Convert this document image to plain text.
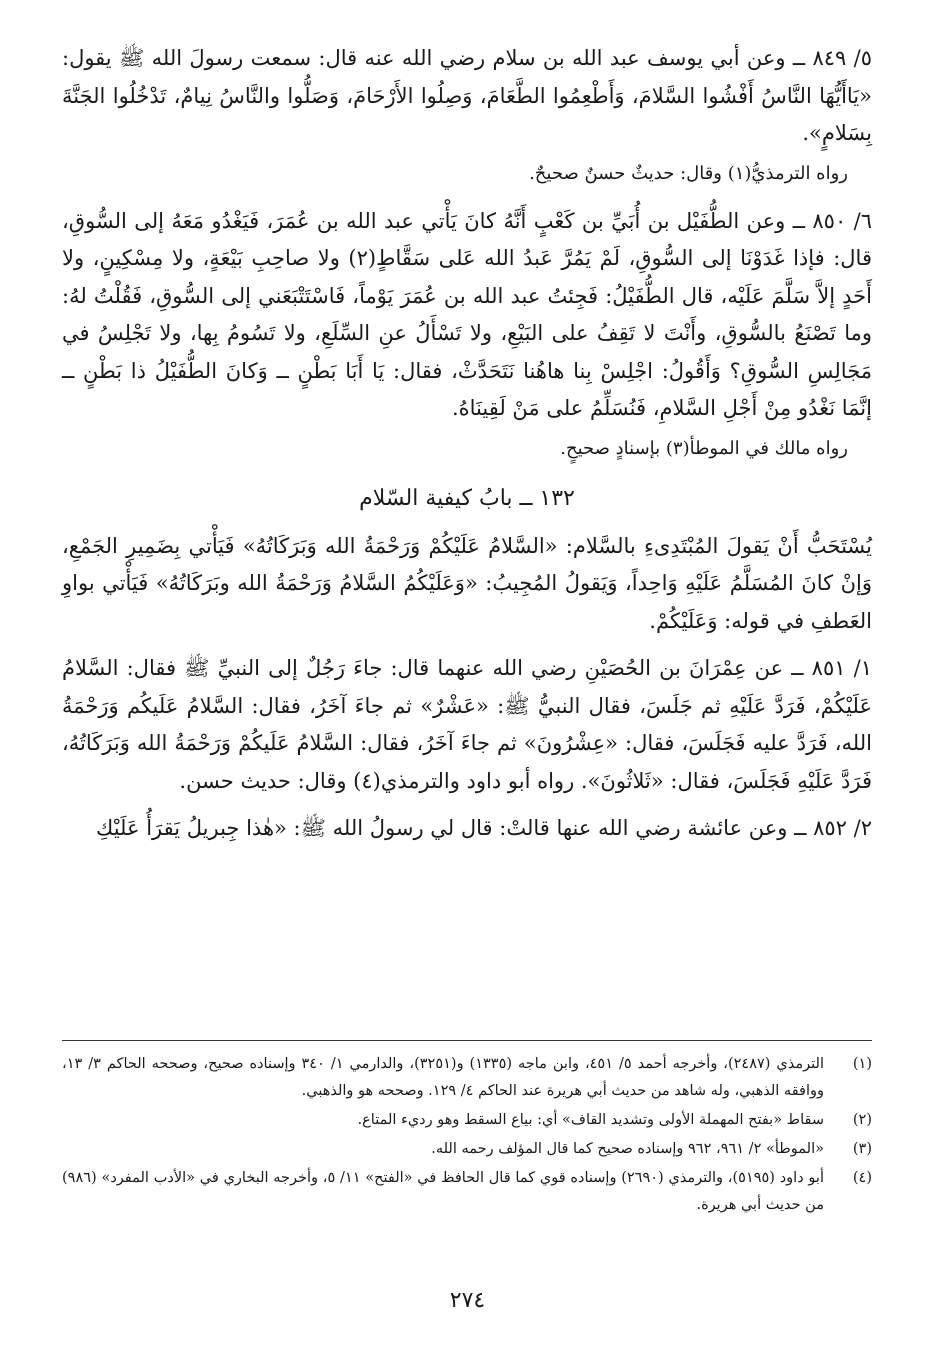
٥/ ٨٤٩ ــ وعن أبي يوسف عبد الله بن سلام رضي الله عنه قال: سمعت رسولَ الله ﷺ يقول: «يَاأَيُّهَا النَّاسُ أَفْشُوا السَّلامَ، وَأَطْعِمُوا الطَّعَامَ، وَصِلُوا الأَرْحَامَ، وَصَلُّوا والنَّاسُ نِيامٌ، تَدْخُلُوا الجَنَّةَ بِسَلامٍ».

رواه الترمذيُّ(١) وقال: حديثٌ حسنٌ صحيحٌ.

٦/ ٨٥٠ ــ وعن الطُّفَيْل بن أُبَيِّ بن كَعْبٍ أَنَّهُ كانَ يَأْتي عبد الله بن عُمَرَ، فَيَغْدُو مَعَهُ إلى السُّوقِ، قال: فإذا غَدَوْنَا إلى السُّوقِ، لَمْ يَمُرَّ عَبدُ الله عَلى سَقَّاطٍ(٢) ولا صاحِبِ بَيْعَةٍ، ولا مِسْكِينٍ، ولا أَحَدٍ إلاَّ سَلَّمَ عَلَيْه، قال الطُّفَيْلُ: فَجِئتُ عبد الله بن عُمَرَ يَوْماً، فَاسْتَتْبَعَني إلى السُّوقِ، فَقُلْتُ لهُ: وما تَصْنَعُ بالسُّوقِ، وأَنْتَ لا تَقِفُ على البَيْعِ، ولا تَسْأَلُ عنِ السِّلَعِ، ولا تَسُومُ بِها، ولا تَجْلِسُ في مَجَالِسِ السُّوقِ؟ وَأَقُولُ: اجْلِسْ بِنا هاهُنا نَتَحَدَّثْ، فقال: يَا أَبَا بَطْنٍ ــ وَكانَ الطُّفَيْلُ ذا بَطْنٍ ــ إنَّمَا نَغْدُو مِنْ أَجْلِ السَّلامِ، فَنُسَلِّمُ على مَنْ لَقِينَاهُ.

رواه مالك في الموطأ(٣) بإسنادٍ صحيحٍ.

١٣٢ ــ بابُ كيفية السّلام

يُسْتَحَبُّ أَنْ يَقولَ المُبْتَدِىءِ بالسَّلام: «السَّلامُ عَلَيْكُمْ وَرَحْمَةُ الله وَبَرَكَاتُهُ» فَيَأْتي بِضَمِيرِ الجَمْعِ، وَإنْ كانَ المُسَلَّمُ عَلَيْهِ وَاحِداً، وَيَقولُ المُجِيبُ: «وَعَلَيْكُمُ السَّلامُ وَرَحْمَةُ الله وبَرَكَاتُهُ» فَيَأْتي بواوِ العَطفِ في قوله: وَعَلَيْكُمْ.

١/ ٨٥١ ــ عن عِمْرَانَ بن الحُصَيْنِ رضي الله عنهما قال: جاءَ رَجُلٌ إلى النبيِّ ﷺ فقال: السَّلامُ عَلَيْكُمْ، فَرَدَّ عَلَيْهِ ثم جَلَسَ، فقال النبيُّ ﷺ: «عَشْرٌ» ثم جاءَ آخَرُ، فقال: السَّلامُ عَلَيكُم وَرَحْمَةُ الله، فَرَدَّ عليه فَجَلَسَ، فقال: «عِشْرُونَ» ثم جاءَ آخَرُ، فقال: السَّلامُ عَلَيكُمْ وَرَحْمَةُ الله وَبَرَكَاتُهُ، فَرَدَّ عَلَيْهِ فَجَلَسَ، فقال: «ثَلاثُونَ». رواه أبو داود والترمذي(٤) وقال: حديث حسن.

٢/ ٨٥٢ ــ وعن عائشة رضي الله عنها قالتْ: قال لي رسولُ الله ﷺ: «هٰذا جِبريلُ يَقرَأُ عَلَيْكِ

(١)
الترمذي (٢٤٨٧)، وأخرجه أحمد ٥/ ٤٥١، وابن ماجه (١٣٣٥) و(٣٢٥١)، والدارمي ١/ ٣٤٠ وإسناده صحيح، وصححه الحاكم ٣/ ١٣، ووافقه الذهبي، وله شاهد من حديث أبي هريرة عند الحاكم ٤/ ١٢٩. وصححه هو والذهبي.
(٢)
سقاط «بفتح المهملة الأولى وتشديد القاف» أي: بياع السقط وهو رديء المتاع.
(٣)
«الموطأ» ٢/ ٩٦١، ٩٦٢ وإسناده صحيح كما قال المؤلف رحمه الله.
(٤)
أبو داود (٥١٩٥)، والترمذي (٢٦٩٠) وإسناده قوي كما قال الحافظ في «الفتح» ١١/ ٥، وأخرجه البخاري في «الأدب المفرد» (٩٨٦) من حديث أبي هريرة.
٢٧٤
